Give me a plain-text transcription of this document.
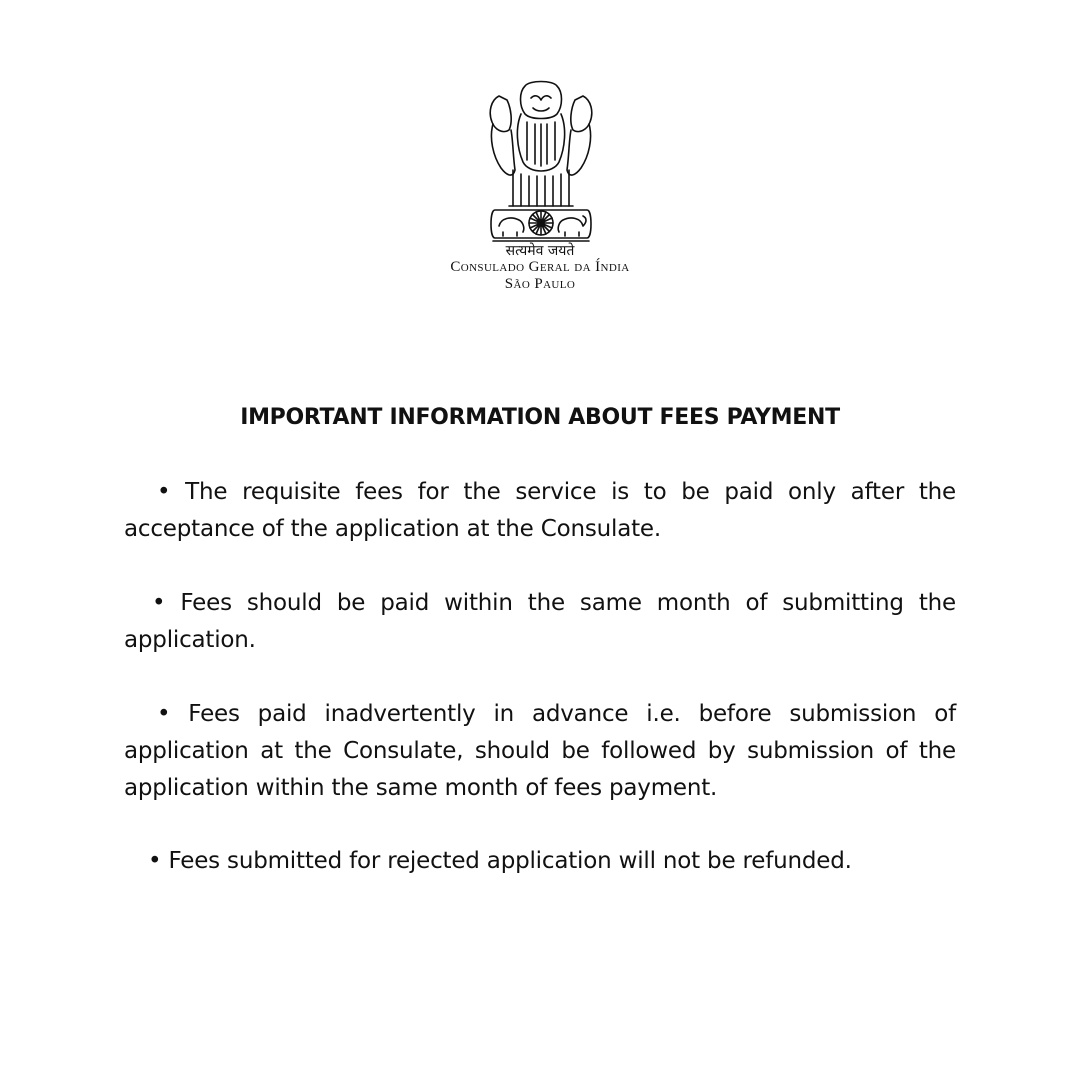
सत्यमेव जयते
Consulado Geral da Índia
São Paulo
IMPORTANT INFORMATION ABOUT FEES PAYMENT

• The requisite fees for the service is to be paid only after the acceptance of the application at the Consulate.

• Fees should be paid within the same month of submitting the application.

• Fees paid inadvertently in advance i.e. before submission of application at the Consulate, should be followed by submission of the application within the same month of fees payment.

• Fees submitted for rejected application will not be refunded.
